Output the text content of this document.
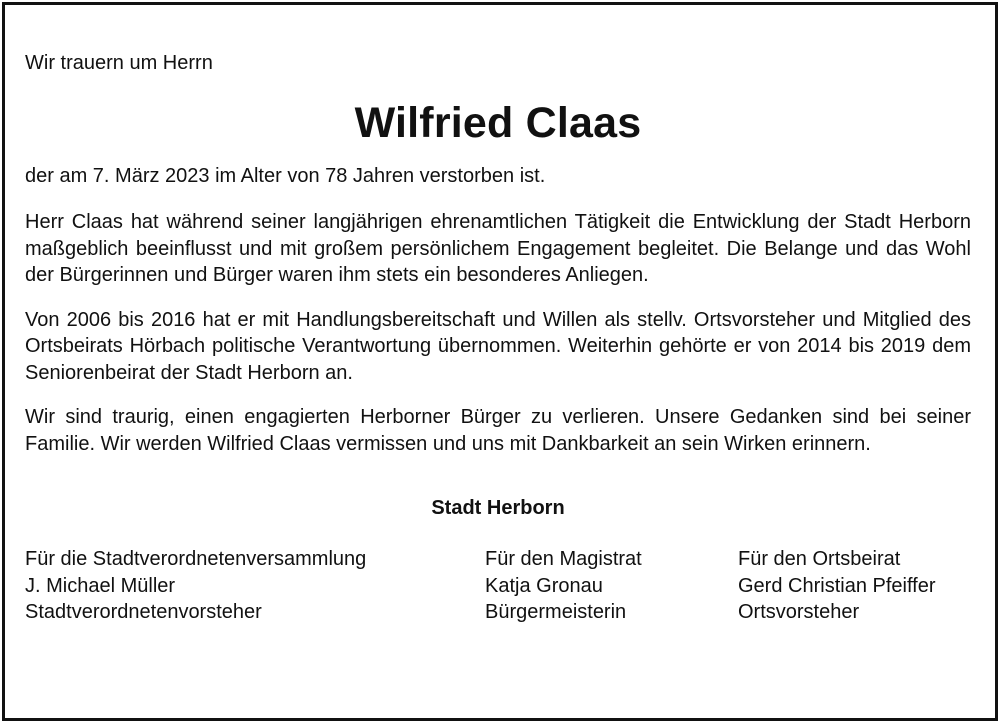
Wir trauern um Herrn

Wilfried Claas

der am 7. März 2023 im Alter von 78 Jahren verstorben ist.

Herr Claas hat während seiner langjährigen ehrenamtlichen Tätigkeit die Entwicklung der Stadt Herborn maßgeblich beeinflusst und mit großem persönlichem Engagement begleitet. Die Belange und das Wohl der Bürgerinnen und Bürger waren ihm stets ein besonderes Anliegen.

Von 2006 bis 2016 hat er mit Handlungsbereitschaft und Willen als stellv. Ortsvorsteher und Mitglied des Ortsbeirats Hörbach politische Verantwortung übernommen. Weiterhin gehörte er von 2014 bis 2019 dem Seniorenbeirat der Stadt Herborn an.

Wir sind traurig, einen engagierten Herborner Bürger zu verlieren. Unsere Gedanken sind bei seiner Familie. Wir werden Wilfried Claas vermissen und uns mit Dankbarkeit an sein Wirken erinnern.

Stadt Herborn
Für die Stadtverordnetenversammlung
J. Michael Müller
Stadtverordnetenvorsteher
Für den Magistrat
Katja Gronau
Bürgermeisterin
Für den Ortsbeirat
Gerd Christian Pfeiffer
Ortsvorsteher
